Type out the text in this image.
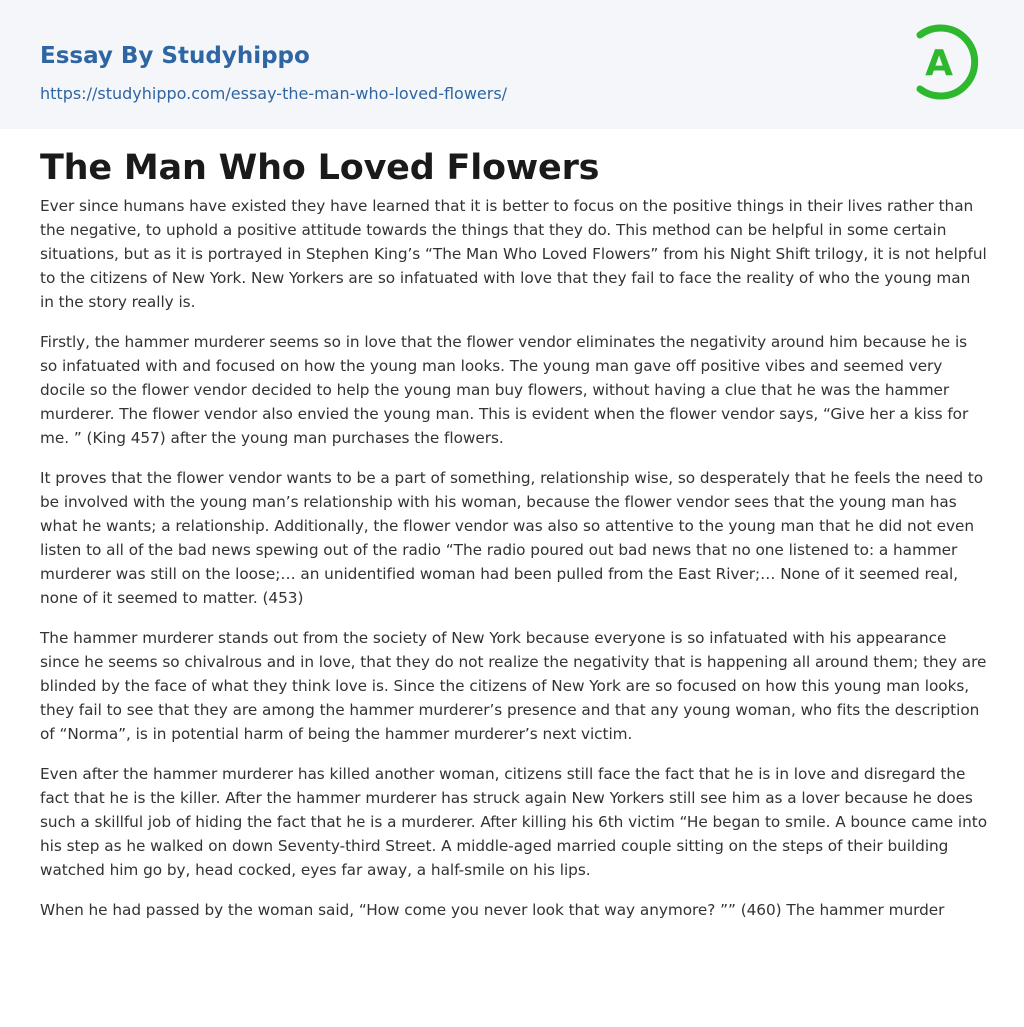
Essay By Studyhippo
https://studyhippo.com/essay-the-man-who-loved-flowers/
A
The Man Who Loved Flowers

Ever since humans have existed they have learned that it is better to focus on the positive things in their lives rather than the negative, to uphold a positive attitude towards the things that they do. This method can be helpful in some certain situations, but as it is portrayed in Stephen King’s “The Man Who Loved Flowers” from his Night Shift trilogy, it is not helpful to the citizens of New York. New Yorkers are so infatuated with love that they fail to face the reality of who the young man in the story really is.

Firstly, the hammer murderer seems so in love that the flower vendor eliminates the negativity around him because he is so infatuated with and focused on how the young man looks. The young man gave off positive vibes and seemed very docile so the flower vendor decided to help the young man buy flowers, without having a clue that he was the hammer murderer. The flower vendor also envied the young man. This is evident when the flower vendor says, “Give her a kiss for me. ” (King 457) after the young man purchases the flowers.

It proves that the flower vendor wants to be a part of something, relationship wise, so desperately that he feels the need to be involved with the young man’s relationship with his woman, because the flower vendor sees that the young man has what he wants; a relationship. Additionally, the flower vendor was also so attentive to the young man that he did not even listen to all of the bad news spewing out of the radio “The radio poured out bad news that no one listened to: a hammer murderer was still on the loose;… an unidentified woman had been pulled from the East River;… None of it seemed real, none of it seemed to matter. (453)

The hammer murderer stands out from the society of New York because everyone is so infatuated with his appearance since he seems so chivalrous and in love, that they do not realize the negativity that is happening all around them; they are blinded by the face of what they think love is. Since the citizens of New York are so focused on how this young man looks, they fail to see that they are among the hammer murderer’s presence and that any young woman, who fits the description of “Norma”, is in potential harm of being the hammer murderer’s next victim.

Even after the hammer murderer has killed another woman, citizens still face the fact that he is in love and disregard the fact that he is the killer. After the hammer murderer has struck again New Yorkers still see him as a lover because he does such a skillful job of hiding the fact that he is a murderer. After killing his 6th victim “He began to smile. A bounce came into his step as he walked on down Seventy-third Street. A middle-aged married couple sitting on the steps of their building watched him go by, head cocked, eyes far away, a half-smile on his lips.

When he had passed by the woman said, “How come you never look that way anymore? ”” (460) The hammer murder
